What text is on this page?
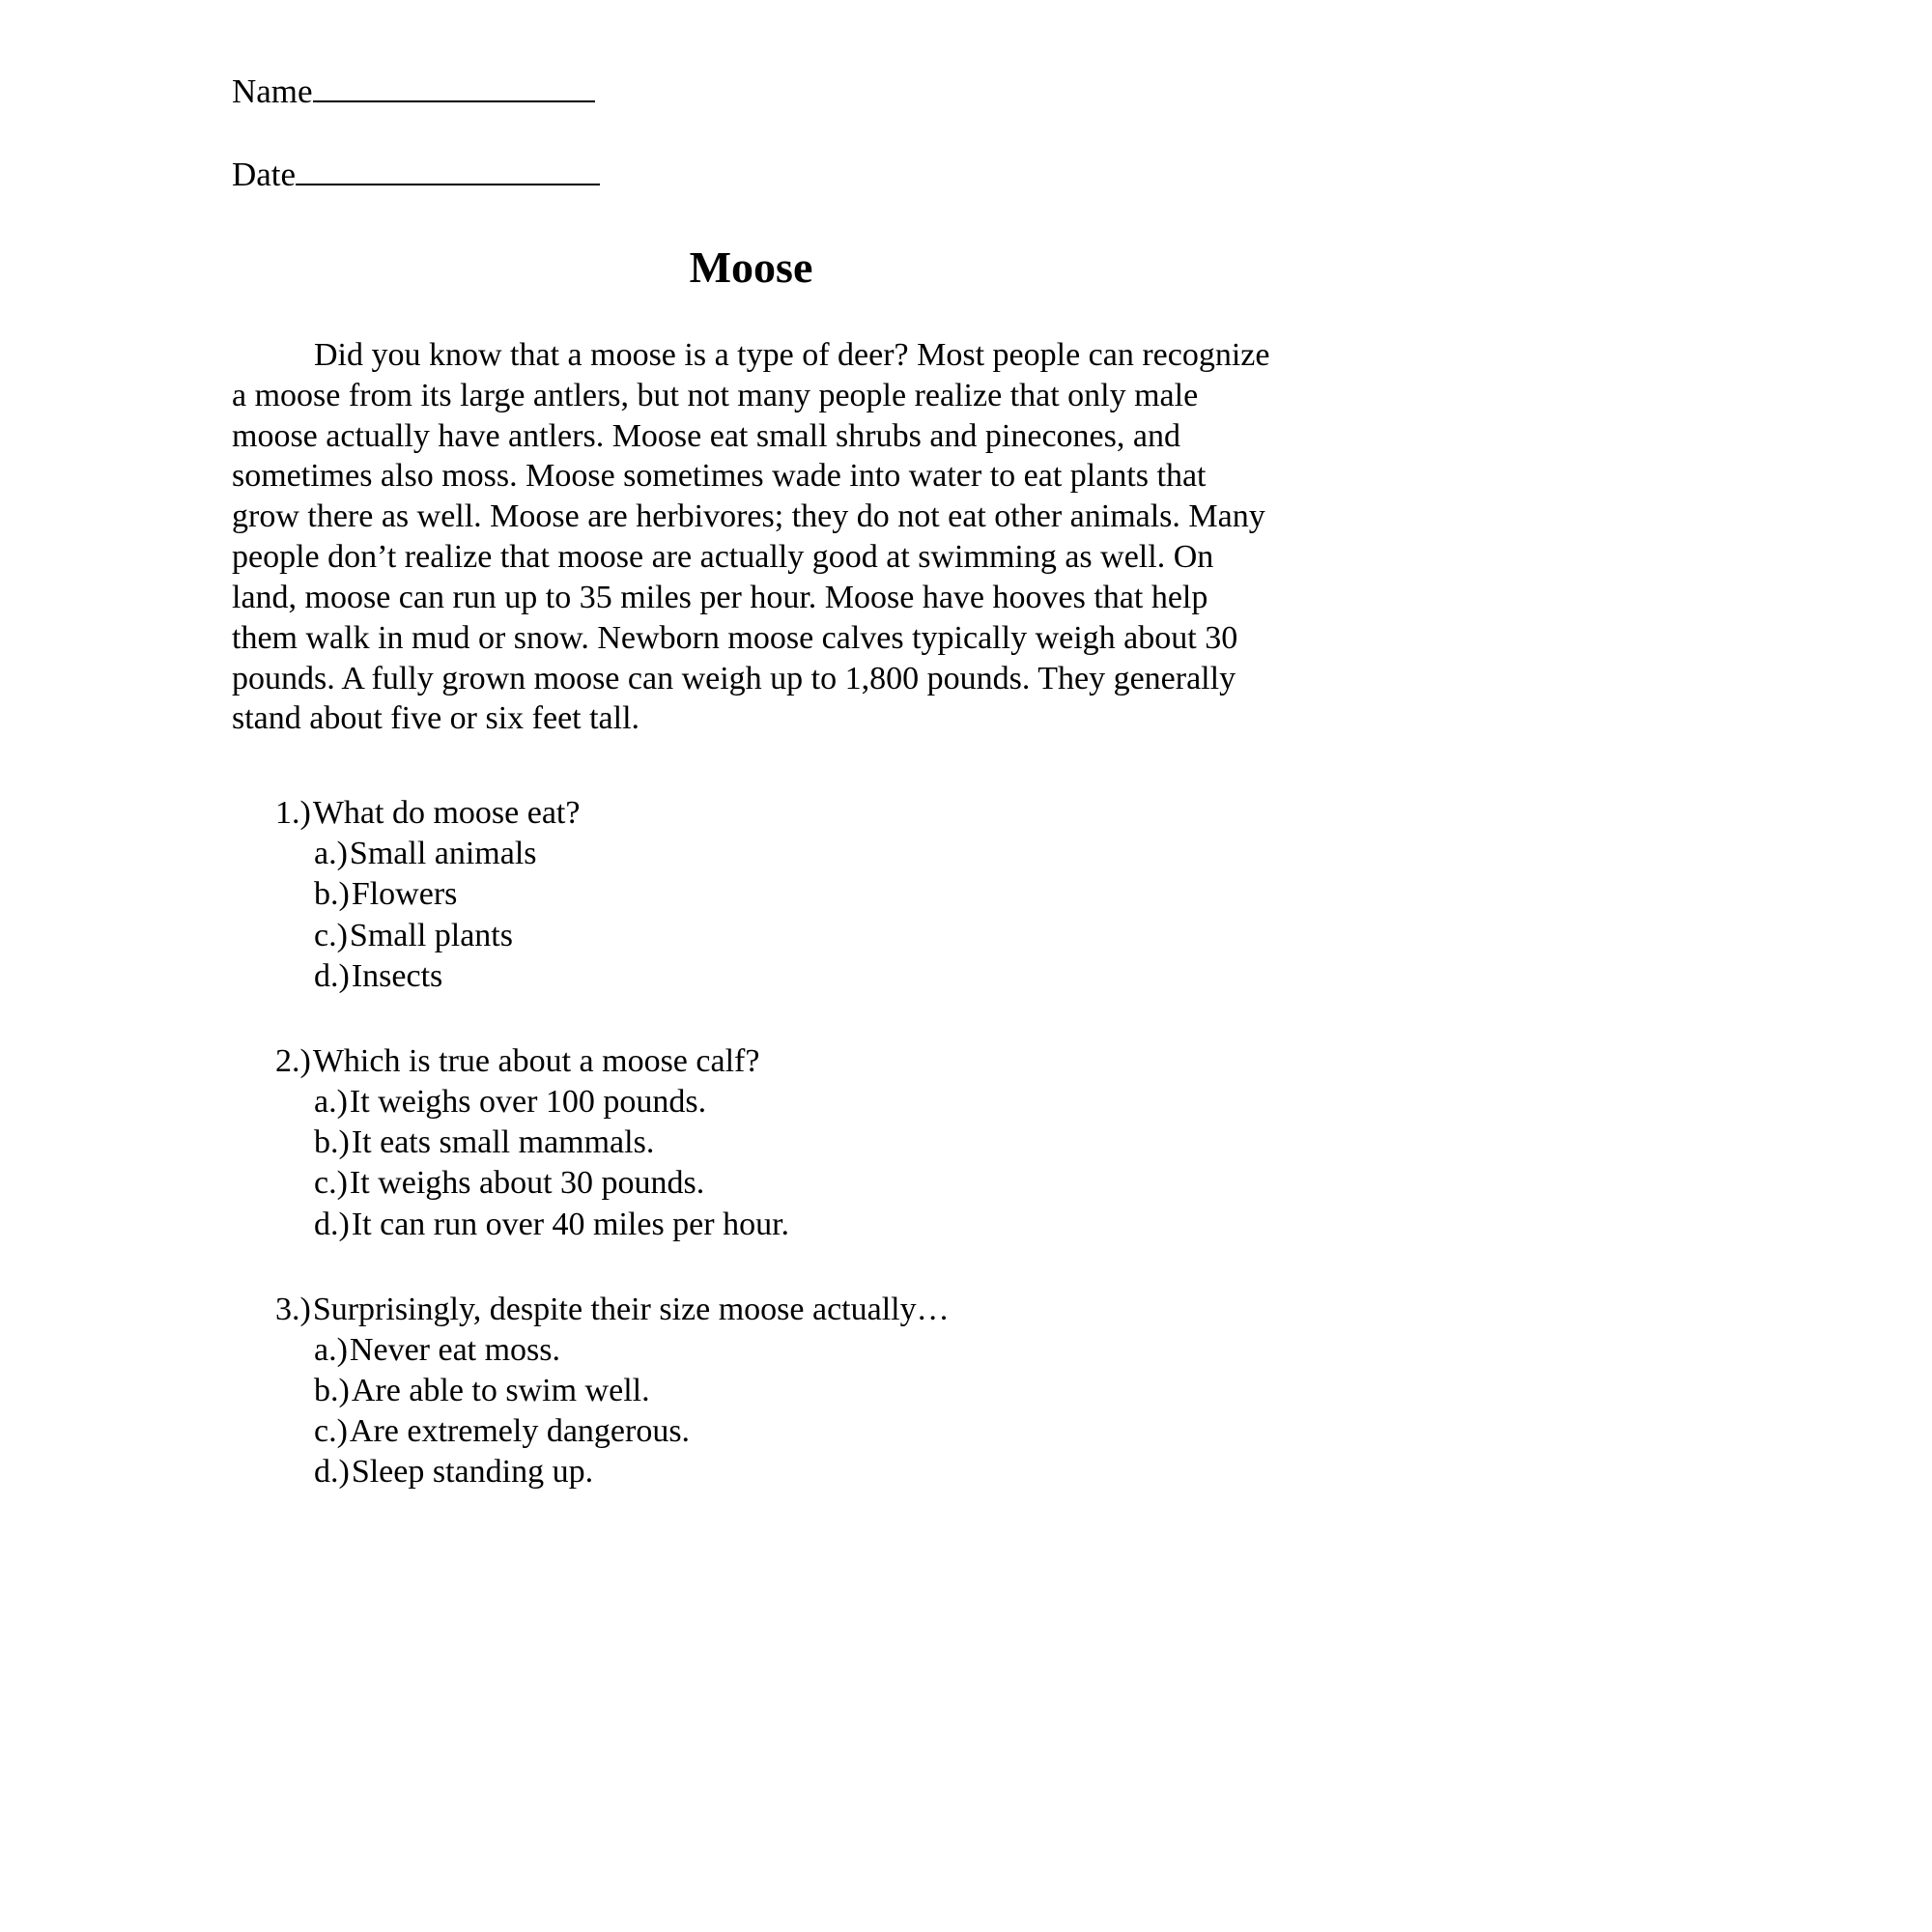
Name
Date
Moose

Did you know that a moose is a type of deer? Most people can recognize a moose from its large antlers, but not many people realize that only male moose actually have antlers. Moose eat small shrubs and pinecones, and sometimes also moss. Moose sometimes wade into water to eat plants that grow there as well. Moose are herbivores; they do not eat other animals. Many people don’t realize that moose are actually good at swimming as well. On land, moose can run up to 35 miles per hour. Moose have hooves that help them walk in mud or snow. Newborn moose calves typically weigh about 30 pounds. A fully grown moose can weigh up to 1,800 pounds. They generally stand about five or six feet tall.

1.)What do moose eat?
a.)Small animals
b.)Flowers
c.)Small plants
d.)Insects
2.)Which is true about a moose calf?
a.)It weighs over 100 pounds.
b.)It eats small mammals.
c.)It weighs about 30 pounds.
d.)It can run over 40 miles per hour.
3.)Surprisingly, despite their size moose actually…
a.)Never eat moss.
b.)Are able to swim well.
c.)Are extremely dangerous.
d.)Sleep standing up.
